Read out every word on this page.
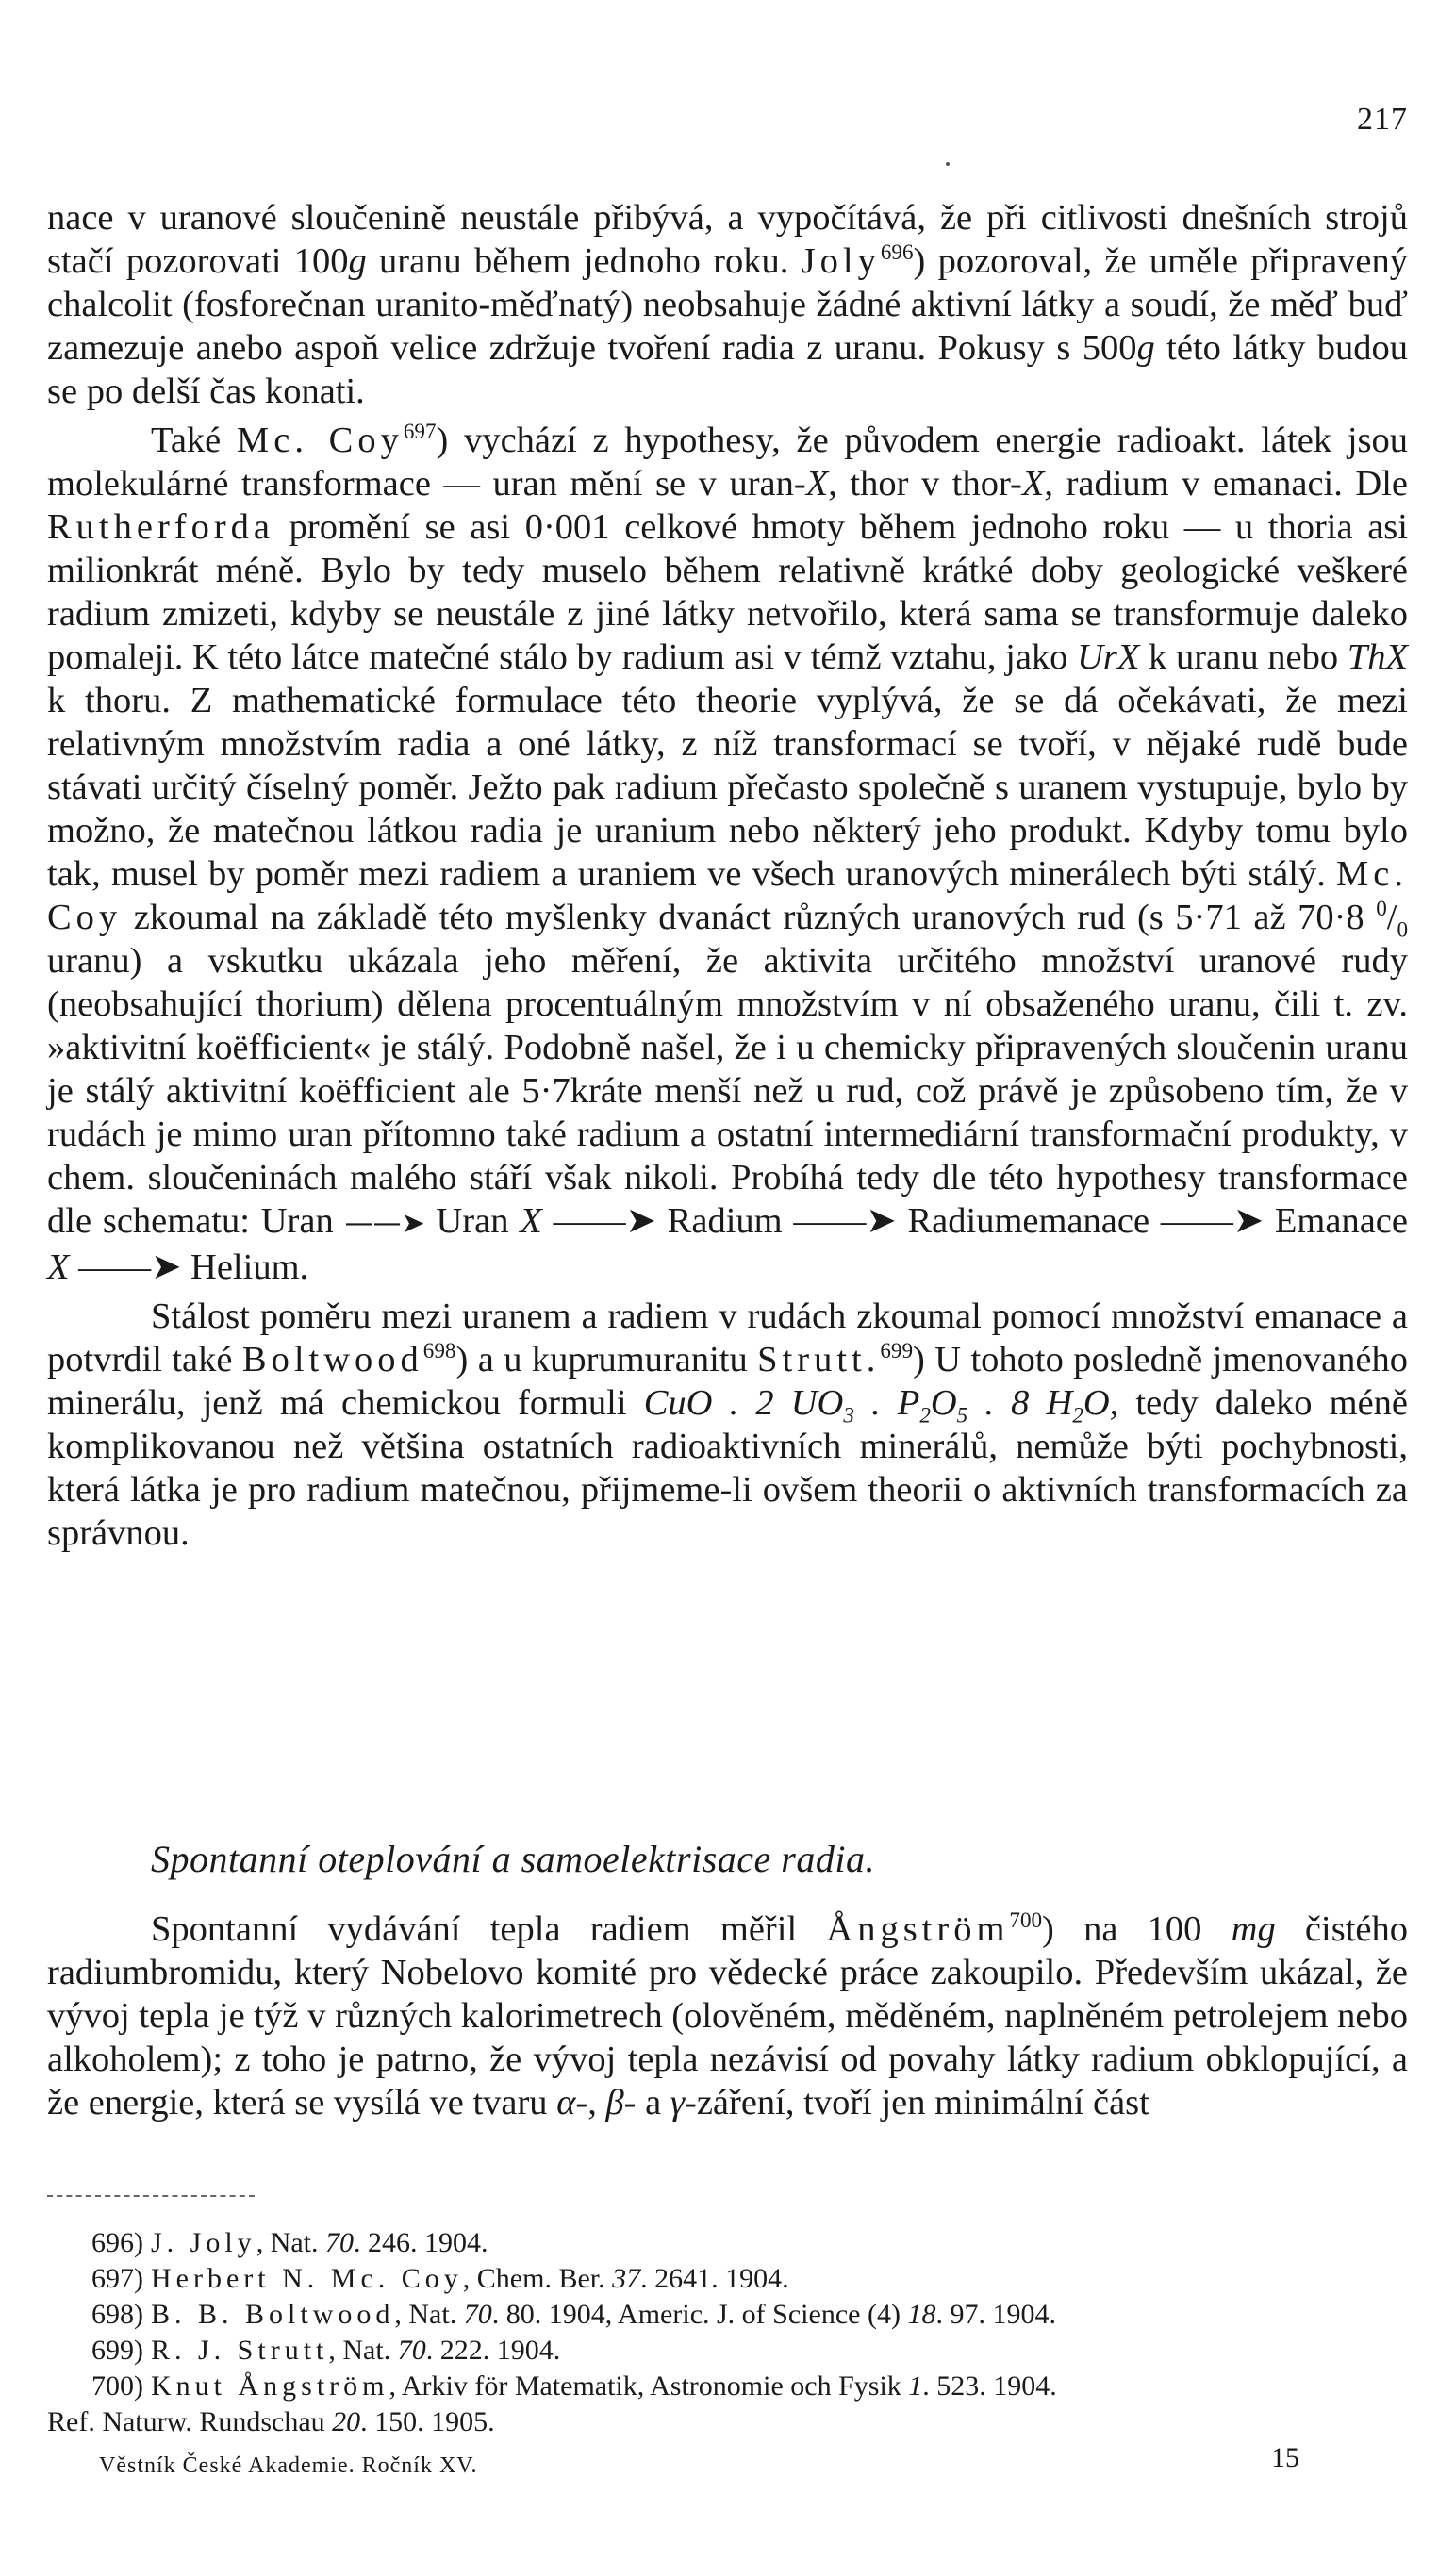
217

nace v uranové sloučenině neustále přibývá, a vypočítává, že při citlivosti dnešních strojů stačí pozorovati 100g uranu během jednoho roku. Joly$^{696}$) pozoroval, že uměle připravený chalcolit (fosforečnan uranito-měďnatý) neobsahuje žádné aktivní látky a soudí, že měď buď zamezuje anebo aspoň velice zdržuje tvoření radia z uranu. Pokusy s 500g této látky budou se po delší čas konati.

Také Mc. Coy$^{697}$) vychází z hypothesy, že původem energie radioakt. látek jsou molekulárné transformace — uran mění se v uran-X, thor v thor-X, radium v emanaci. Dle Rutherforda promění se asi 0·001 celkové hmoty během jednoho roku — u thoria asi milionkrát méně. Bylo by tedy muselo během relativně krátké doby geologické veškeré radium zmizeti, kdyby se neustále z jiné látky netvořilo, která sama se transformuje daleko pomaleji. K této látce matečné stálo by radium asi v témž vztahu, jako UrX k uranu nebo ThX k thoru. Z mathematické formulace této theorie vyplývá, že se dá očekávati, že mezi relativným množstvím radia a oné látky, z níž transformací se tvoří, v nějaké rudě bude stávati určitý číselný poměr. Ježto pak radium přečasto společně s uranem vystupuje, bylo by možno, že matečnou látkou radia je uranium nebo některý jeho produkt. Kdyby tomu bylo tak, musel by poměr mezi radiem a uraniem ve všech uranových minerálech býti stálý. Mc. Coy zkoumal na základě této myšlenky dvanáct různých uranových rud (s 5·71 až 70·8 $^0/_0$ uranu) a vskutku ukázala jeho měření, že aktivita určitého množství uranové rudy (neobsahující thorium) dělena procentuálným množstvím v ní obsaženého uranu, čili t. zv. »aktivitní koëfficient« je stálý. Podobně našel, že i u chemicky připravených sloučenin uranu je stálý aktivitní koëfficient ale 5·7kráte menší než u rud, což právě je způsobeno tím, že v rudách je mimo uran přítomno také radium a ostatní intermediární transformační produkty, v chem. sloučeninách malého stáří však nikoli. Probíhá tedy dle této hypothesy transformace dle schematu: Uran ——➤ Uran X ——➤ Radium ——➤ Radiumemanace ——➤ Emanace X ——➤ Helium.

Stálost poměru mezi uranem a radiem v rudách zkoumal pomocí množství emanace a potvrdil také Boltwood$^{698}$) a u kuprumuranitu Strutt.$^{699}$) U tohoto posledně jmenovaného minerálu, jenž má chemickou formuli CuO . 2 $UO_3$ . $P_2O_5$ . 8 $H_2O$, tedy daleko méně komplikovanou než většina ostatních radioaktivních minerálů, nemůže býti pochybnosti, která látka je pro radium matečnou, přijmeme-li ovšem theorii o aktivních transformacích za správnou.

Spontanní oteplování a samoelektrisace radia.

Spontanní vydávání tepla radiem měřil Ångström$^{700}$) na 100 mg čistého radiumbromidu, který Nobelovo komité pro vědecké práce zakoupilo. Především ukázal, že vývoj tepla je týž v různých kalorimetrech (olověném, měděném, naplněném petrolejem nebo alkoholem); z toho je patrno, že vývoj tepla nezávisí od povahy látky radium obklopující, a že energie, která se vysílá ve tvaru α-, β- a γ-záření, tvoří jen minimální část

696) J. Joly, Nat. 70. 246. 1904.

697) Herbert N. Mc. Coy, Chem. Ber. 37. 2641. 1904.

698) B. B. Boltwood, Nat. 70. 80. 1904, Americ. J. of Science (4) 18. 97. 1904.

699) R. J. Strutt, Nat. 70. 222. 1904.

700) Knut Ångström, Arkiv för Matematik, Astronomie och Fysik 1. 523. 1904.

Ref. Naturw. Rundschau 20. 150. 1905.

Věstník České Akademie. Ročník XV.	15
